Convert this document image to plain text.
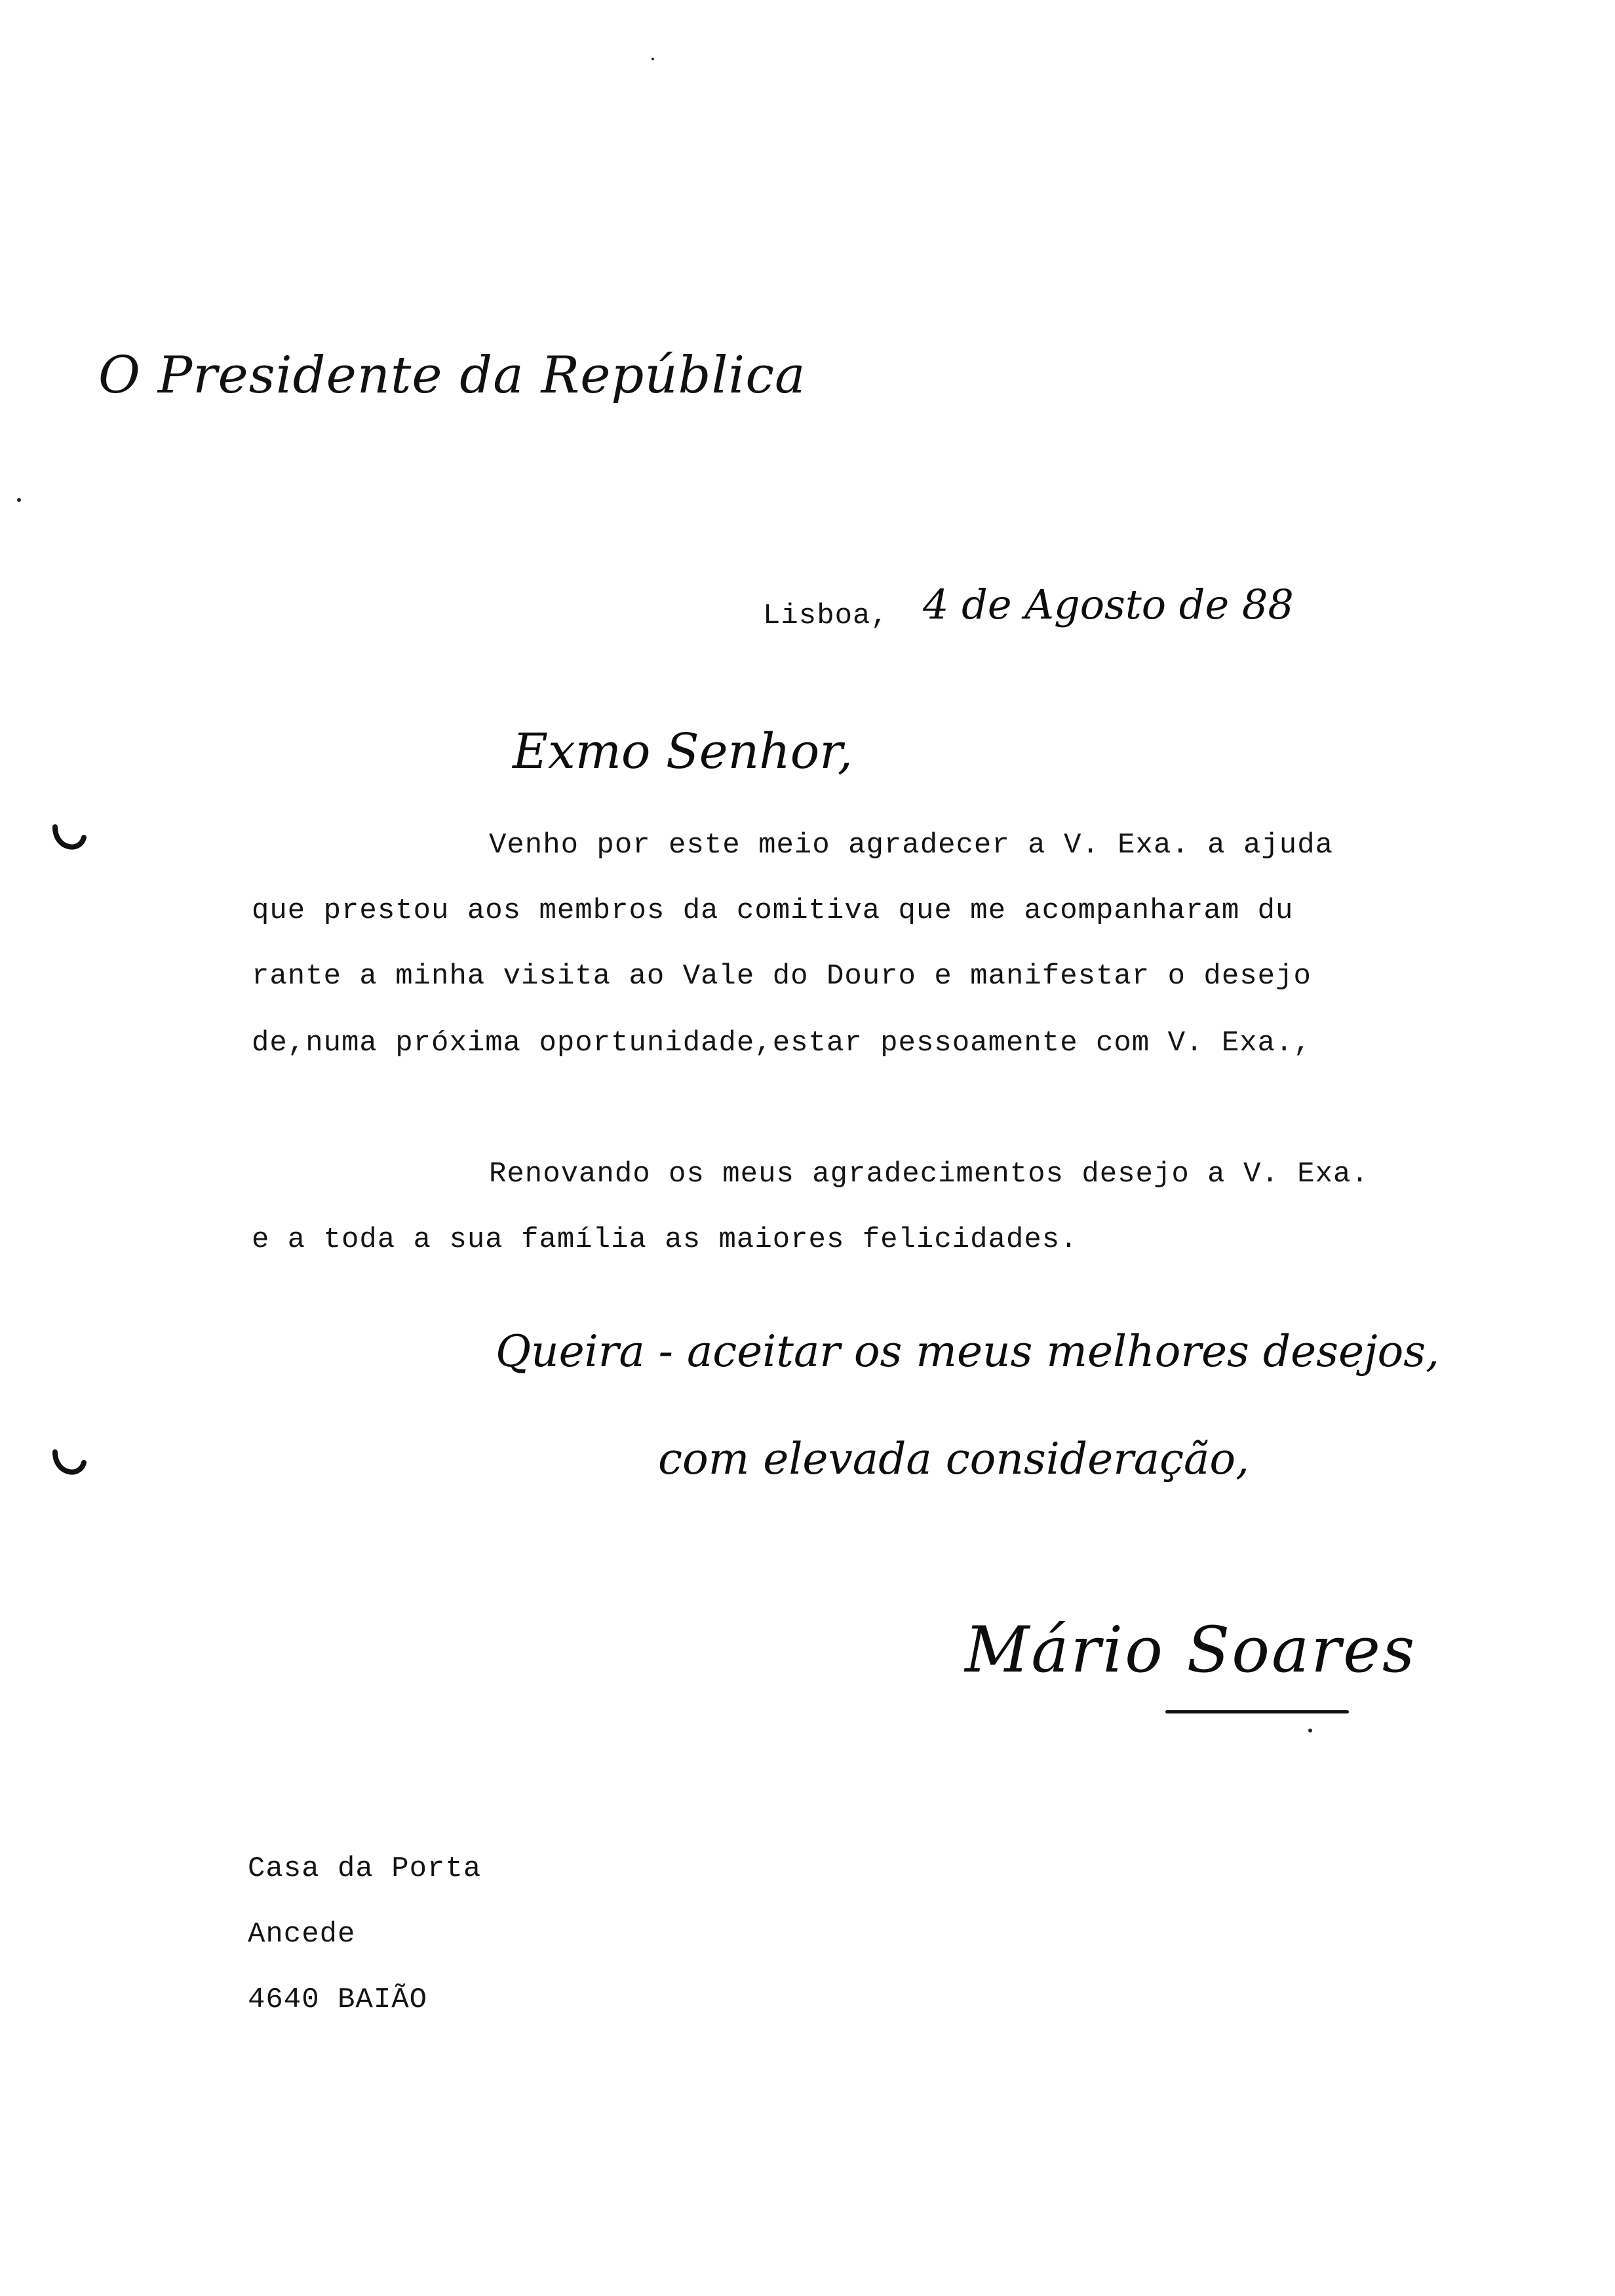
O Presidente da República
Lisboa, 4 de Agosto de 88
Exmo Senhor,
Venho por este meio agradecer a V. Exa. a ajuda
que prestou aos membros da comitiva que me acompanharam du
rante a minha visita ao Vale do Douro e manifestar o desejo
de,numa próxima oportunidade,estar pessoamente com V. Exa.,
Renovando os meus agradecimentos desejo a V. Exa.
e a toda a sua família as maiores felicidades.
Queira - aceitar os meus melhores desejos,
com elevada consideração,
Mário Soares
Casa da Porta
Ancede
4640 BAIÃO
